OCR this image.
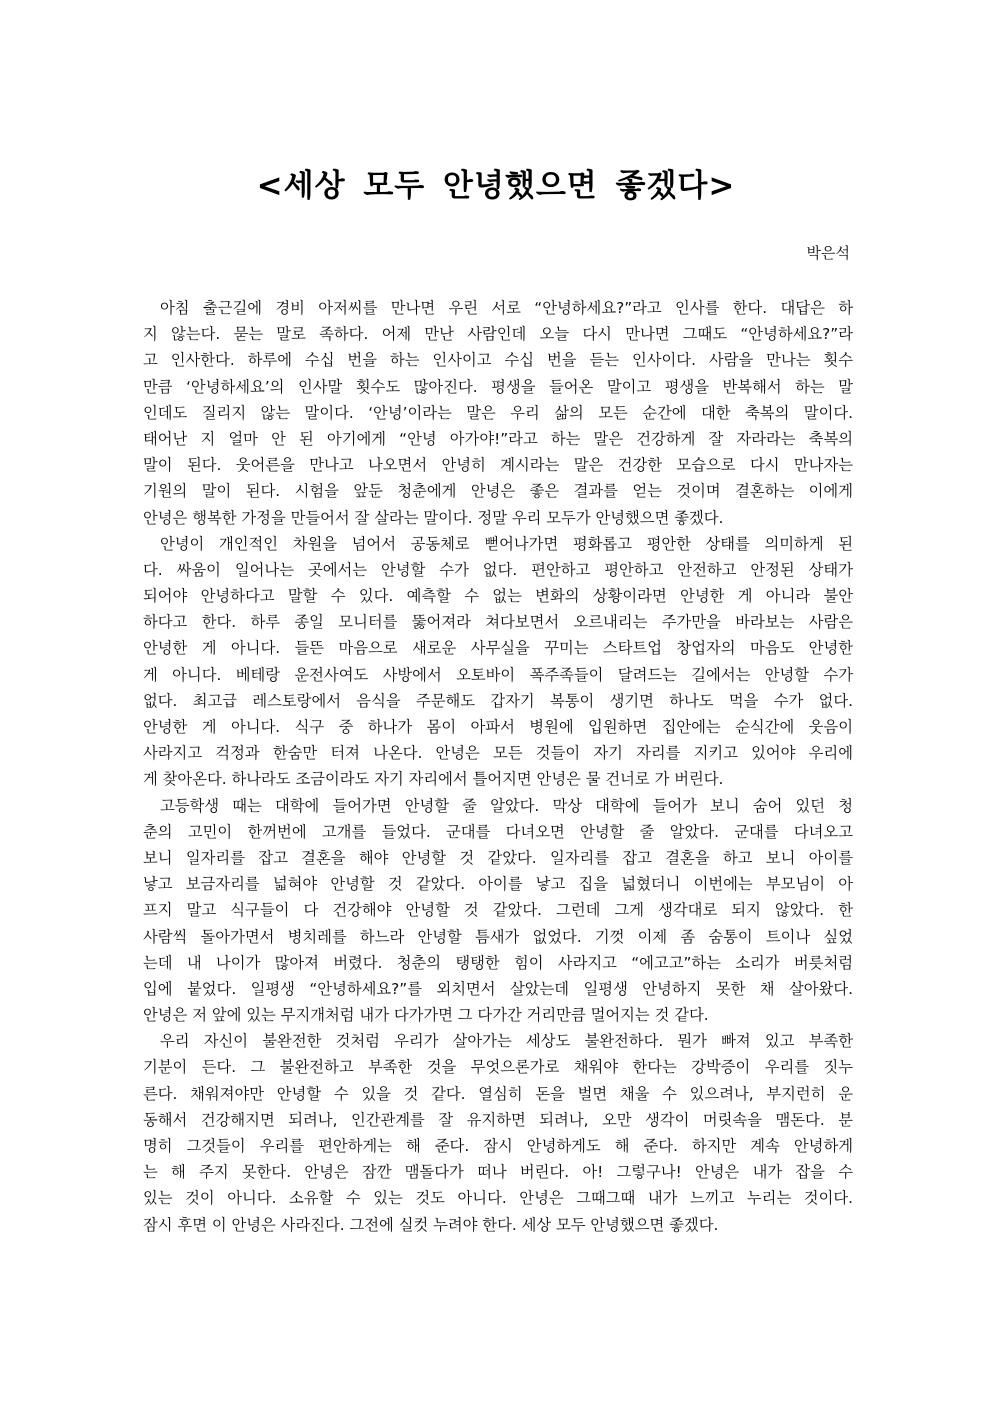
<세상 모두 안녕했으면 좋겠다>
박은석
아침 출근길에 경비 아저씨를 만나면 우린 서로 “안녕하세요?”라고 인사를 한다. 대답은 하
지 않는다. 묻는 말로 족하다. 어제 만난 사람인데 오늘 다시 만나면 그때도 “안녕하세요?”라
고 인사한다. 하루에 수십 번을 하는 인사이고 수십 번을 듣는 인사이다. 사람을 만나는 횟수
만큼 ‘안녕하세요’의 인사말 횟수도 많아진다. 평생을 들어온 말이고 평생을 반복해서 하는 말
인데도 질리지 않는 말이다. ‘안녕’이라는 말은 우리 삶의 모든 순간에 대한 축복의 말이다.
태어난 지 얼마 안 된 아기에게 “안녕 아가야!”라고 하는 말은 건강하게 잘 자라라는 축복의
말이 된다. 웃어른을 만나고 나오면서 안녕히 계시라는 말은 건강한 모습으로 다시 만나자는
기원의 말이 된다. 시험을 앞둔 청춘에게 안녕은 좋은 결과를 얻는 것이며 결혼하는 이에게
안녕은 행복한 가정을 만들어서 잘 살라는 말이다. 정말 우리 모두가 안녕했으면 좋겠다.
안녕이 개인적인 차원을 넘어서 공동체로 뻗어나가면 평화롭고 평안한 상태를 의미하게 된
다. 싸움이 일어나는 곳에서는 안녕할 수가 없다. 편안하고 평안하고 안전하고 안정된 상태가
되어야 안녕하다고 말할 수 있다. 예측할 수 없는 변화의 상황이라면 안녕한 게 아니라 불안
하다고 한다. 하루 종일 모니터를 뚫어져라 쳐다보면서 오르내리는 주가만을 바라보는 사람은
안녕한 게 아니다. 들뜬 마음으로 새로운 사무실을 꾸미는 스타트업 창업자의 마음도 안녕한
게 아니다. 베테랑 운전사여도 사방에서 오토바이 폭주족들이 달려드는 길에서는 안녕할 수가
없다. 최고급 레스토랑에서 음식을 주문해도 갑자기 복통이 생기면 하나도 먹을 수가 없다.
안녕한 게 아니다. 식구 중 하나가 몸이 아파서 병원에 입원하면 집안에는 순식간에 웃음이
사라지고 걱정과 한숨만 터져 나온다. 안녕은 모든 것들이 자기 자리를 지키고 있어야 우리에
게 찾아온다. 하나라도 조금이라도 자기 자리에서 틀어지면 안녕은 물 건너로 가 버린다.
고등학생 때는 대학에 들어가면 안녕할 줄 알았다. 막상 대학에 들어가 보니 숨어 있던 청
춘의 고민이 한꺼번에 고개를 들었다. 군대를 다녀오면 안녕할 줄 알았다. 군대를 다녀오고
보니 일자리를 잡고 결혼을 해야 안녕할 것 같았다. 일자리를 잡고 결혼을 하고 보니 아이를
낳고 보금자리를 넓혀야 안녕할 것 같았다. 아이를 낳고 집을 넓혔더니 이번에는 부모님이 아
프지 말고 식구들이 다 건강해야 안녕할 것 같았다. 그런데 그게 생각대로 되지 않았다. 한
사람씩 돌아가면서 병치레를 하느라 안녕할 틈새가 없었다. 기껏 이제 좀 숨통이 트이나 싶었
는데 내 나이가 많아져 버렸다. 청춘의 탱탱한 힘이 사라지고 “에고고”하는 소리가 버릇처럼
입에 붙었다. 일평생 “안녕하세요?”를 외치면서 살았는데 일평생 안녕하지 못한 채 살아왔다.
안녕은 저 앞에 있는 무지개처럼 내가 다가가면 그 다가간 거리만큼 멀어지는 것 같다.
우리 자신이 불완전한 것처럼 우리가 살아가는 세상도 불완전하다. 뭔가 빠져 있고 부족한
기분이 든다. 그 불완전하고 부족한 것을 무엇으론가로 채워야 한다는 강박증이 우리를 짓누
른다. 채워져야만 안녕할 수 있을 것 같다. 열심히 돈을 벌면 채울 수 있으려나, 부지런히 운
동해서 건강해지면 되려나, 인간관계를 잘 유지하면 되려나, 오만 생각이 머릿속을 맴돈다. 분
명히 그것들이 우리를 편안하게는 해 준다. 잠시 안녕하게도 해 준다. 하지만 계속 안녕하게
는 해 주지 못한다. 안녕은 잠깐 맴돌다가 떠나 버린다. 아! 그렇구나! 안녕은 내가 잡을 수
있는 것이 아니다. 소유할 수 있는 것도 아니다. 안녕은 그때그때 내가 느끼고 누리는 것이다.
잠시 후면 이 안녕은 사라진다. 그전에 실컷 누려야 한다. 세상 모두 안녕했으면 좋겠다.
